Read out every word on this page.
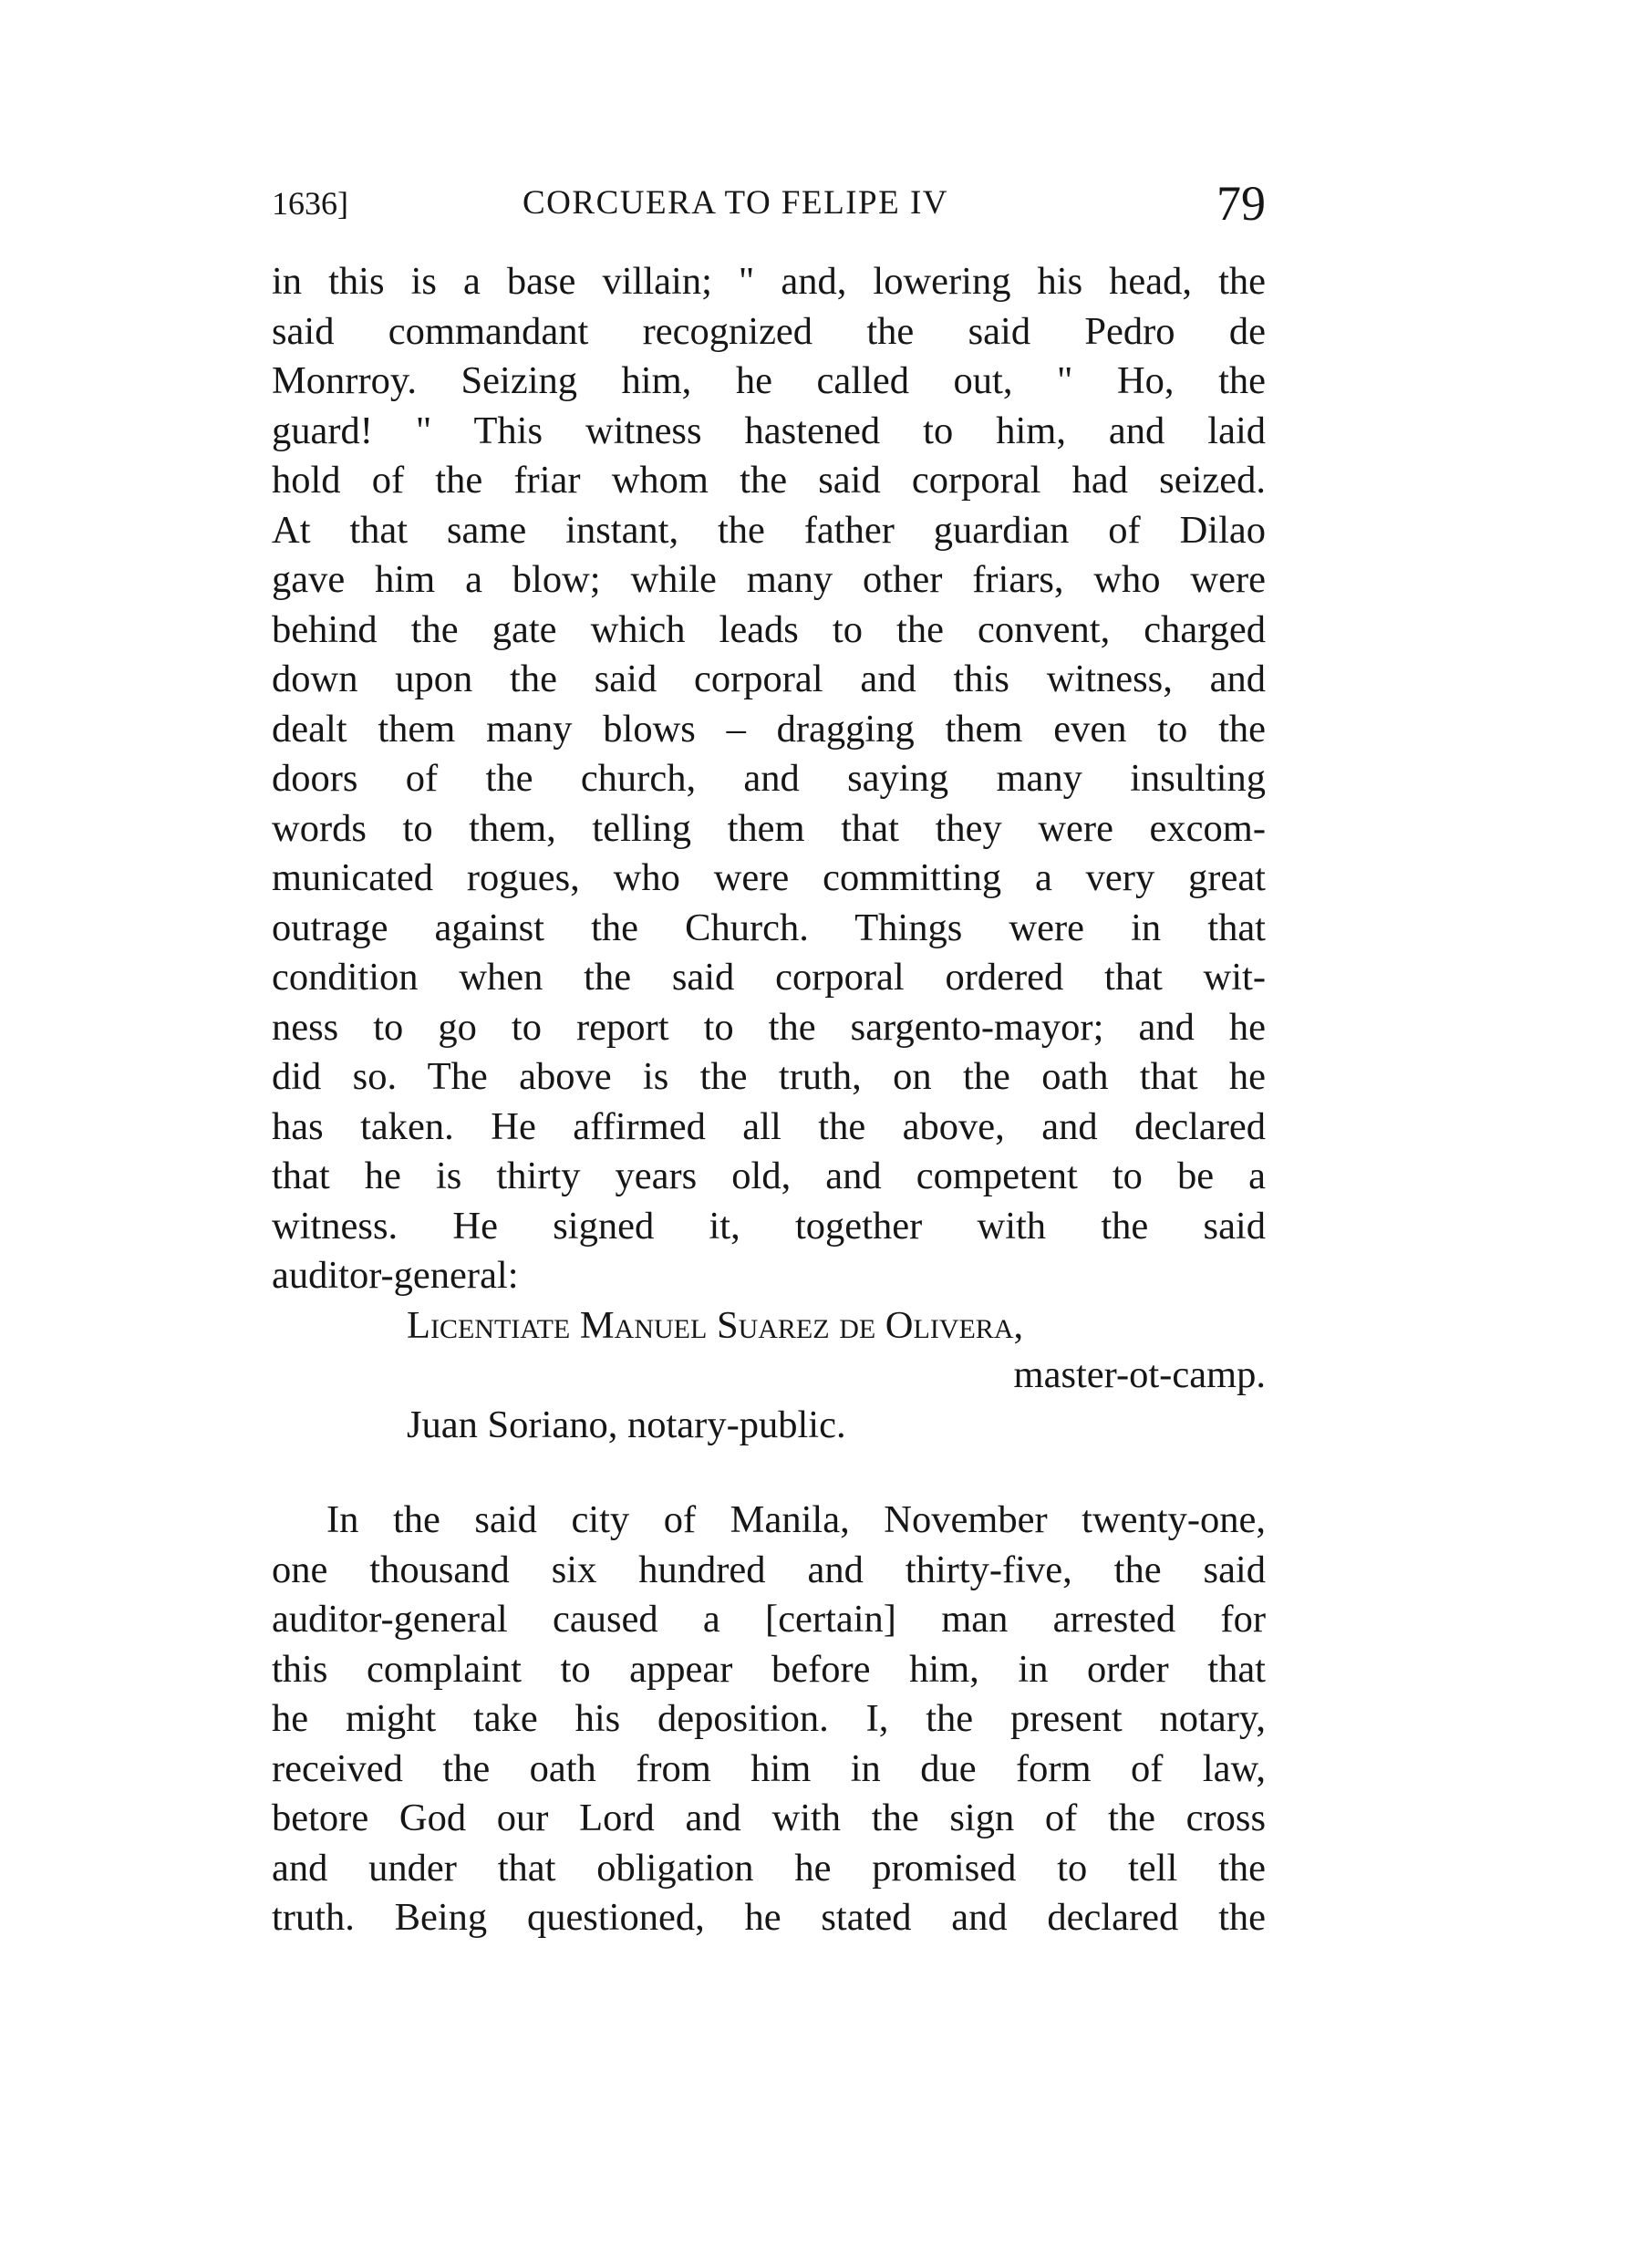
1636]	CORCUERA TO FELIPE IV	79
in this is a base villain; " and, lowering his head, the
said commandant recognized the said Pedro de
Monrroy. Seizing him, he called out, " Ho, the
guard! " This witness hastened to him, and laid
hold of the friar whom the said corporal had seized.
At that same instant, the father guardian of Dilao
gave him a blow; while many other friars, who were
behind the gate which leads to the convent, charged
down upon the said corporal and this witness, and
dealt them many blows – dragging them even to the
doors of the church, and saying many insulting
words to them, telling them that they were excom-
municated rogues, who were committing a very great
outrage against the Church. Things were in that
condition when the said corporal ordered that wit-
ness to go to report to the sargento-mayor; and he
did so. The above is the truth, on the oath that he
has taken. He affirmed all the above, and declared
that he is thirty years old, and competent to be a
witness. He signed it, together with the said
auditor-general:
Licentiate Manuel Suarez de Olivera,
master-ot-camp.
Juan Soriano, notary-public.
In the said city of Manila, November twenty-one,
one thousand six hundred and thirty-five, the said
auditor-general caused a [certain] man arrested for
this complaint to appear before him, in order that
he might take his deposition. I, the present notary,
received the oath from him in due form of law,
betore God our Lord and with the sign of the cross
and under that obligation he promised to tell the
truth. Being questioned, he stated and declared the
